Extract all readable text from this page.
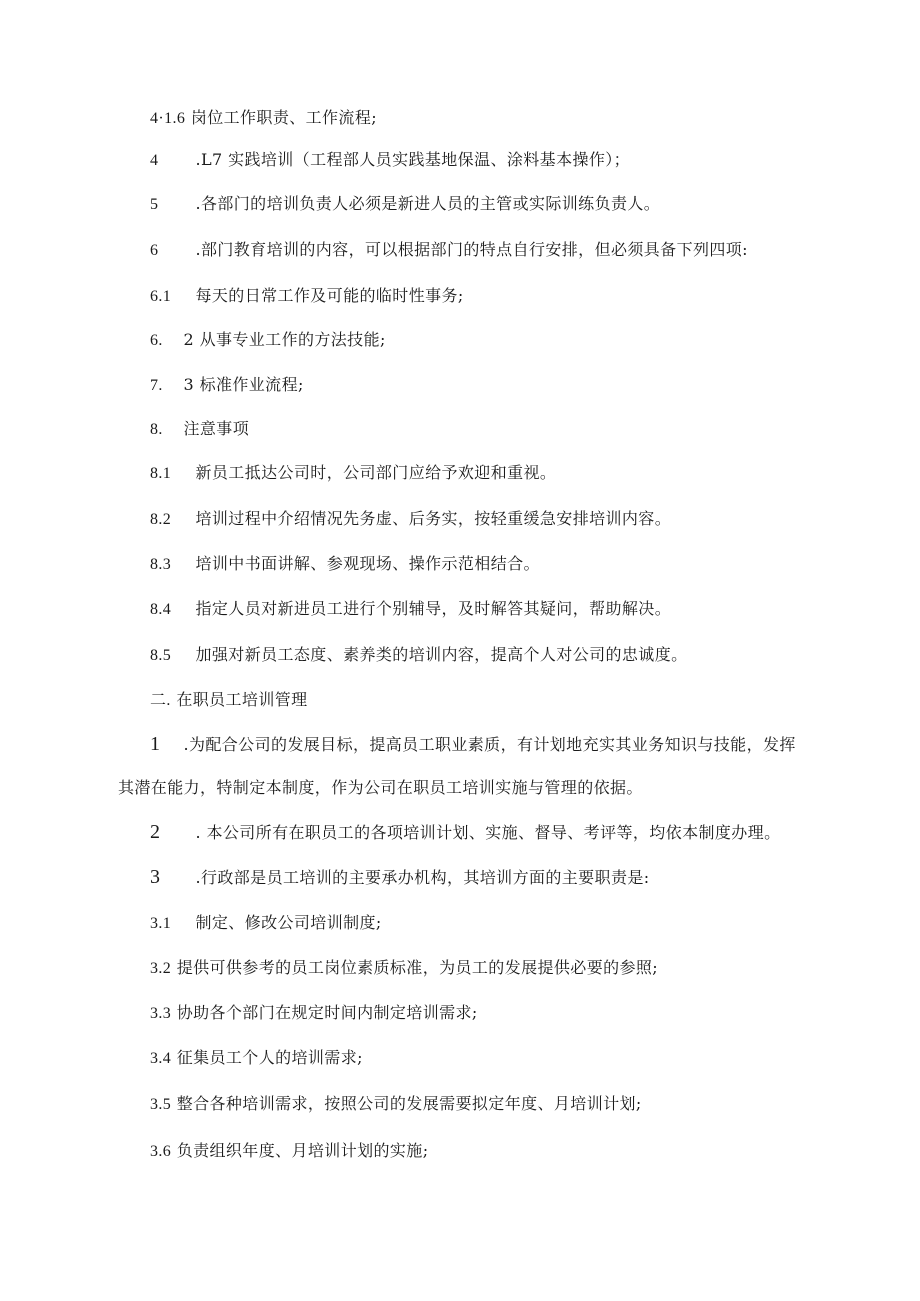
4·1.6 岗位工作职责、工作流程;
4 .L7 实践培训（工程部人员实践基地保温、涂料基本操作）；
5 .各部门的培训负责人必须是新进人员的主管或实际训练负责人。
6 .部门教育培训的内容，可以根据部门的特点自行安排，但必须具备下列四项:
6.1 每天的日常工作及可能的临时性事务;
6. 2 从事专业工作的方法技能;
7. 3 标准作业流程;
8. 注意事项
8.1 新员工抵达公司时，公司部门应给予欢迎和重视。
8.2 培训过程中介绍情况先务虚、后务实，按轻重缓急安排培训内容。
8.3 培训中书面讲解、参观现场、操作示范相结合。
8.4 指定人员对新进员工进行个别辅导，及时解答其疑问，帮助解决。
8.5 加强对新员工态度、素养类的培训内容，提高个人对公司的忠诚度。
二. 在职员工培训管理
1 .为配合公司的发展目标，提高员工职业素质，有计划地充实其业务知识与技能，发挥
其潜在能力，特制定本制度，作为公司在职员工培训实施与管理的依据。
2 . 本公司所有在职员工的各项培训计划、实施、督导、考评等，均依本制度办理。
3 .行政部是员工培训的主要承办机构，其培训方面的主要职责是:
3.1 制定、修改公司培训制度;
3.2 提供可供参考的员工岗位素质标准，为员工的发展提供必要的参照;
3.3 协助各个部门在规定时间内制定培训需求;
3.4 征集员工个人的培训需求;
3.5 整合各种培训需求，按照公司的发展需要拟定年度、月培训计划;
3.6 负责组织年度、月培训计划的实施;
